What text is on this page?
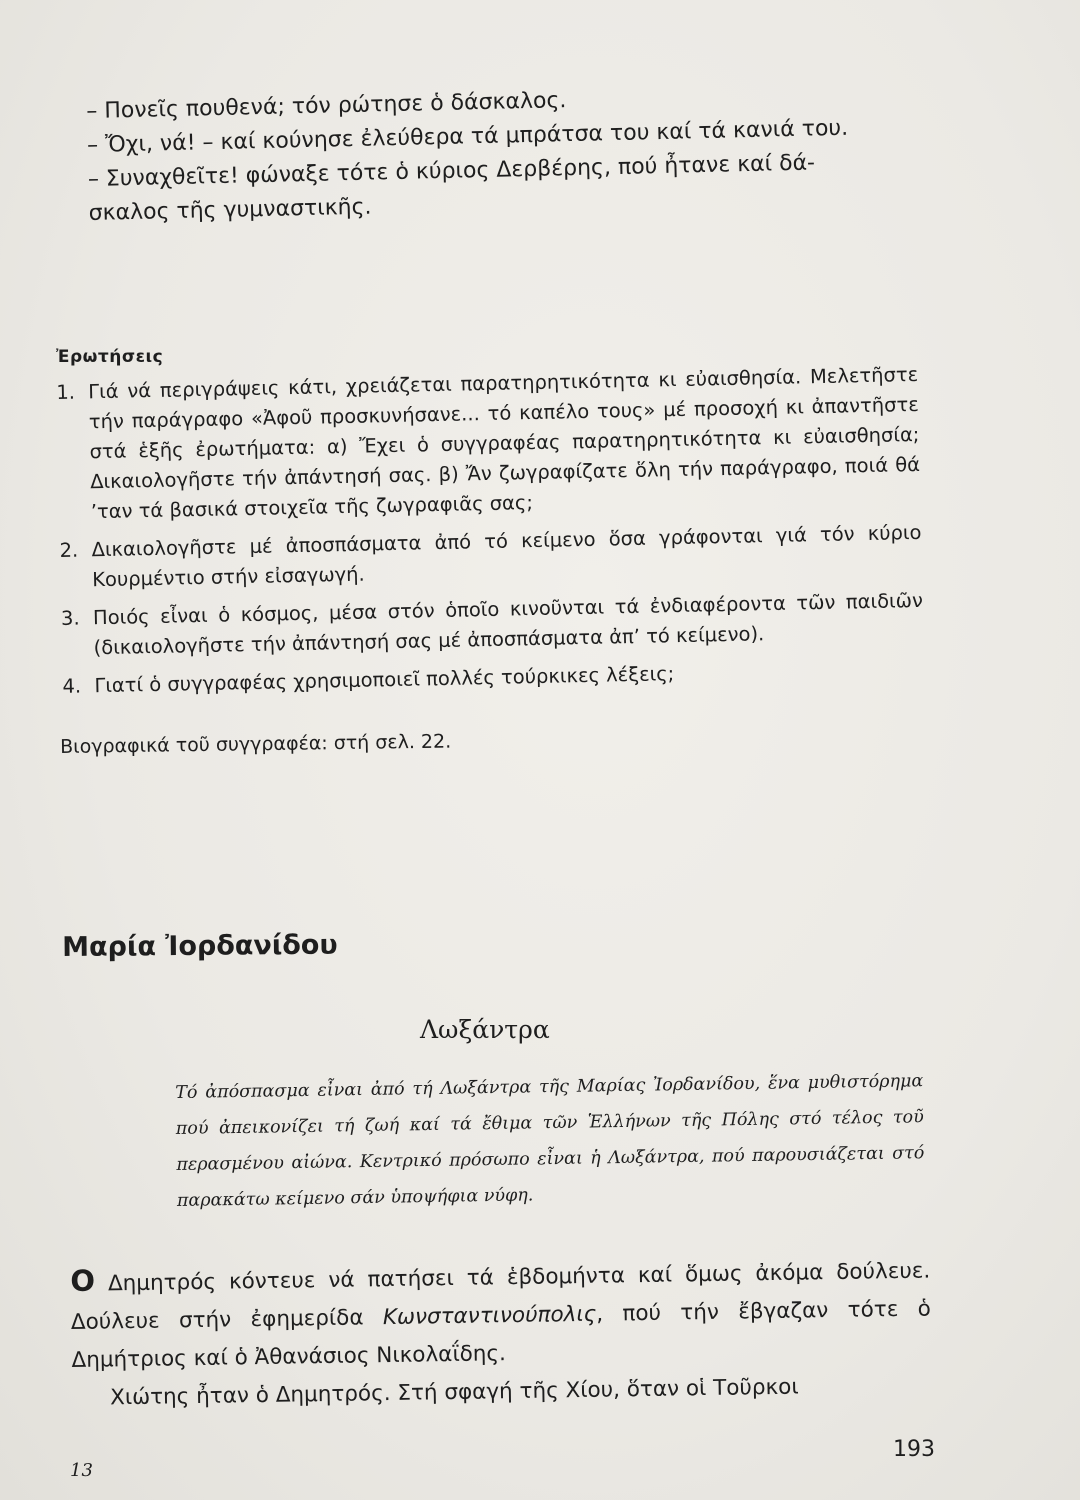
– Πονεῖς πουθενά; τόν ρώτησε ὁ δάσκαλος.
– Ὄχι, νά! – καί κούνησε ἐλεύθερα τά μπράτσα του καί τά κανιά του.
– Συναχθεῖτε! φώναξε τότε ὁ κύριος Δερβέρης, πού ἦτανε καί δά-
σκαλος τῆς γυμναστικῆς.
Ἐρωτήσεις
1. Γιά νά περιγράψεις κάτι, χρειάζεται παρατηρητικότητα κι εὐαισθησία. Μελετῆστε τήν παράγραφο «Ἀφοῦ προσκυνήσανε... τό καπέλο τους» μέ προσοχή κι ἀπαντῆστε στά ἑξῆς ἐρωτήματα: α) Ἔχει ὁ συγγραφέας παρατηρητικότητα κι εὐαισθησία; Δικαιολογῆστε τήν ἀπάντησή σας. β) Ἄν ζωγραφίζατε ὅλη τήν παράγραφο, ποιά θά ’ταν τά βασικά στοιχεῖα τῆς ζωγραφιᾶς σας;
2. Δικαιολογῆστε μέ ἀποσπάσματα ἀπό τό κείμενο ὅσα γράφονται γιά τόν κύριο Κουρμέντιο στήν εἰσαγωγή.
3. Ποιός εἶναι ὁ κόσμος, μέσα στόν ὁποῖο κινοῦνται τά ἐνδιαφέροντα τῶν παιδιῶν (δικαιολογῆστε τήν ἀπάντησή σας μέ ἀποσπάσματα ἀπ’ τό κείμενο).
4. Γιατί ὁ συγγραφέας χρησιμοποιεῖ πολλές τούρκικες λέξεις;
Βιογραφικά τοῦ συγγραφέα: στή σελ. 22.
Μαρία Ἰορδανίδου
Λωξάντρα
Τό ἀπόσπασμα εἶναι ἀπό τή Λωξάντρα τῆς Μαρίας Ἰορδανίδου, ἕνα μυθιστόρημα πού ἀπεικονίζει τή ζωή καί τά ἔθιμα τῶν Ἑλλήνων τῆς Πόλης στό τέλος τοῦ περασμένου αἰώνα. Κεντρικό πρόσωπο εἶναι ἡ Λωξάντρα, πού παρουσιάζεται στό παρακάτω κείμενο σάν ὑποψήφια νύφη.
Ο Δημητρός κόντευε νά πατήσει τά ἑβδομήντα καί ὅμως ἀκόμα δούλευε. Δούλευε στήν ἐφημερίδα Κωνσταντινούπολις, πού τήν ἔβγαζαν τότε ὁ Δημήτριος καί ὁ Ἀθανάσιος Νικολαΐδης.
Χιώτης ἦταν ὁ Δημητρός. Στή σφαγή τῆς Χίου, ὅταν οἱ Τοῦρκοι
13
193
